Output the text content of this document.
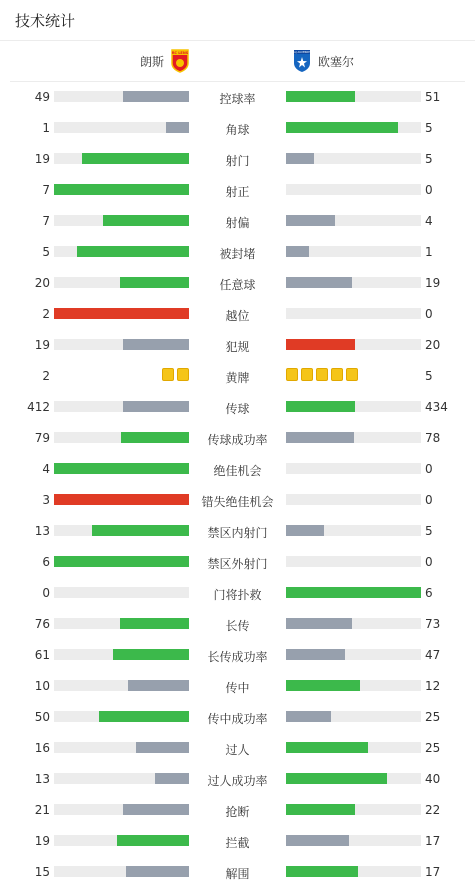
技术统计
朗斯
RC LENS	AJ AUXERRE
欧塞尔
49	控球率	51
1	角球	5
19	射门	5
7	射正	0
7	射偏	4
5	被封堵	1
20	任意球	19
2	越位	0
19	犯规	20
2	黄牌	5
412	传球	434
79	传球成功率	78
4	绝佳机会	0
3	错失绝佳机会	0
13	禁区内射门	5
6	禁区外射门	0
0	门将扑救	6
76	长传	73
61	长传成功率	47
10	传中	12
50	传中成功率	25
16	过人	25
13	过人成功率	40
21	抢断	22
19	拦截	17
15	解围	17
